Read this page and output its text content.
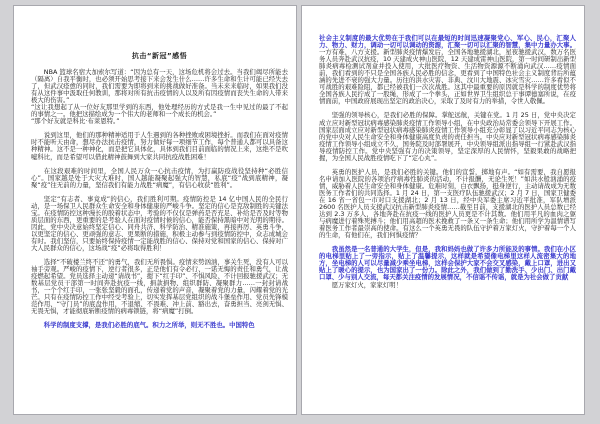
抗击“新冠”感悟
NBA 篮球名宿大加索尔写道：“因为总有一天，这场危机将会过去。当我们竭尽所能去（隔离）自我平衡时，也必须开始思考接下来会发生什么……许多生命和生计可能已经失去了，但武汉痊愈的同时，我们需要为即将到来的挑战做好准备。当未来来临时，如果我们没有从这件事中汲取任何教训，那将对所有抗击疫情的人以及所有因疫情而丧失生命的人带来极大的伤害。”
“这让我想起了从一位好友那里学到的东西，他处理经历的方式是我一生中见过的最了不起的事情之一。他把这描绘成为一个伟大的老师和一个成长的机会。”
“那个好友就是科比·布莱恩特。”
说到这里，他们的那种精神适用于人生遇到的各种挫败或困境挫折。而我们在面对疫情时不能听天由命，想尽办法抗击疫情，努力做好每一项细节工作，每个普通人都可以具备这种精神。这不是一种神化，而是把它具体化，具体到我们目前面临的情况上来，这绝不是吹嘘科比，而是希望可以借此精神鼓舞到大家共同抗疫战胜困难！
在这段艰难的时间里，全国人民万众一心抗击疫情，为打赢防疫战役坚持种“必胜信心”。国家越是处于大灾大难时，国人越能凝聚起强大的智慧，私底“疫”战到底精神，凝聚“疫”往无前的力量，坚信我们有能力战胜“病魔”，有信心收获“胜利”。
坚定“有志者、事竟成”的信心，我们胜利可期。疫情防控是 14 亿中国人民的全民行动，是一场保卫人民群众生命安全和身体健康的严峻斗争。坚定的信心是克敌制胜的关键法宝。在疫情防控这种漫长的胶着状态中，考验的不仅仅是弹药是否充足、补给是否及时等物质层面的东西，更重要的是考验人在面对疫情时候的信心，能否保持黑暗中对光明的期待。因此，党中央决意始终坚定信心、同舟共济、科学防治、精准施策，再接再厉、英勇斗争，以更坚定的信心、更顽强的意志、更果断的措施，积极主动参与到疫情防控中，众志成城会有时。我们坚信，只要始终保持疫情一定能战胜的信心、保持对党和国家的信心、保持对广大人民群众的信心，这场战“疫”必将取得胜利！
选择“不破楼兰终不还”的勇气，我们无所畏惧。疫情来势汹汹，事关生死，没有人可以袖手旁观。严峻的疫情下，逆行者很多，正是他们有令必行、一诺无悔的责任和勇气，让战疫燃起希望。党员选择主动递“请战书”、摁下“红手印”、不惧风险、不计回报驰援武汉；无数基层党员干部第一时间奔赴抗疫一线，捐款捐物、组织群防、凝聚群力……一封封请战书，一个个红手印，一张张坚毅的面孔，传递着党的声音，凝聚着党的力量，闪耀着党的光芒。只有在疫情防控工作中经受考验上，切实发挥基层党组织的战斗堡垒作用、党员先锋模范作用、“守门员”的底盘作用，不退缩、不畏难、冲上前、豁出去，奋勇担当、亮剑无惧、无畏无惧，才能彻底斩断疫情的病毒锁链，将“病魔”打倒。
科学的制度支撑，是我们必胜的底气。积力之所举，则无不胜也。中国特色
社会主义制度的最大优势在于我们可以在最短的时间迅速凝聚党心、军心、民心，汇聚人力、物力、财力，调动一切可以调动的资源，汇聚一切可以汇聚的智慧，集中力量办大事。一方有难，八方支援。新型肺炎疫情爆发后，全国各地驰援湖北，星夜驰援武汉，数万名医务人员奔赴武汉抗疫，10 天建成火神山医院，12 天建成雷神山医院，第一时间研制出新型肺炎病毒检测试剂盒并投入使用，大批医疗物资、生活物资源源不断涌向武汉……疫情面前，我们看到的不只是全国各族人民必胜的信念，更看到了中国特色社会主义制度背后所蕴涵的先进不衰的强大力量。历往的洪水灾害、非典、汶川大地震、冰灾雪灾……许多看似不可战胜的艰难险阻，都已经被我们一次次战胜。这其中最重要的原因就是科学的制度优势将全国各族人民拧成了一股绳，形成了一个拳头，正如世界卫生组织总干事谭德塞所说，在疫情面前，中国政府展现出坚定的政治决心，采取了及时有力的举措，令世人敬佩。
坚强的领导核心，是我们必胜的保障。掌舵远航，关键在党。1 月 25 日，党中央决定成立应对新型冠状病毒感染肺炎疫情工作领导小组，在中央政治局常委会领导下开展工作。国家层面成立应对新型冠状病毒感染肺炎疫情工作领导小组充分彰显了以习近平同志为核心的党中央对人民生命安全和身体健康高度负责的责任担当。中央应对新型冠状病毒感染肺炎疫情工作领导小组成立不久，国务院及时部署展开，中央领导组派出指导组一行紧赴武汉指导疫情防控工作。党中央坚强有力的决策领导，坚定深厚的人民情怀，坚毅果敢的战略把握，为全国人民战胜疫情吃下了“定心丸”。
英勇的医护人员，是我们必胜的关键。他们的宣誓，掷地有声。“如有需要，我自愿报名申请加入医院的各项治疗病毒性肺炎的活动，不计报酬，无论生死！”如洪水般汹涌的疫情，威胁着人民生命安全和身体健康。危难时刻，白衣飘扬，挺身逆行，主动请战成为无数医务工作者们的共同选择。1 月 24 日，第一支医疗队伍驰援武汉；2 月 7 日，国家卫健委在 16 省一省包一市对口支援湖北；2 月 13 日，经中央军委主席习近平批准，军队增派 2600 名医护人员支援武汉抗击新型肺炎疫情……截至目前，支援湖北的医护人员总数已经达到 2.3 万多人，各地奔赴在抗疫一线的医护人员更是不计其数。他们用平凡的血肉之躯与病魔进行着殊死搏斗；他们用高超的医术挽救了一条又一条生命；他们用所学为温情谱写着医务工作者最崇高的使命。有这么一个英勇无畏的队伍守护着万家灯火，守护着每一个人的生命，有他们在，我们何惧疫情？
我虽然是一名普通的大学生，但是，我和妈妈也做了许多力所能及的事情。我们在小区的电梯里贴上了一旁指示，贴上了温馨提示，这样就是希望像电梯里这样人流密集大的地方，坐电梯的人可以尽量减少乘坐电梯，这样会保护大家不会交叉感染，戴上口罩，进出又贴上了暖心的提示，也为国家出了一份力。除此之外，我们做到了勤洗手、少出门、出门戴口罩、少与别人交流，每天都关注疫情的发展情况，不信谣不传谣，就是为社会做了贡献
愿万家灯火，家家灯明！
